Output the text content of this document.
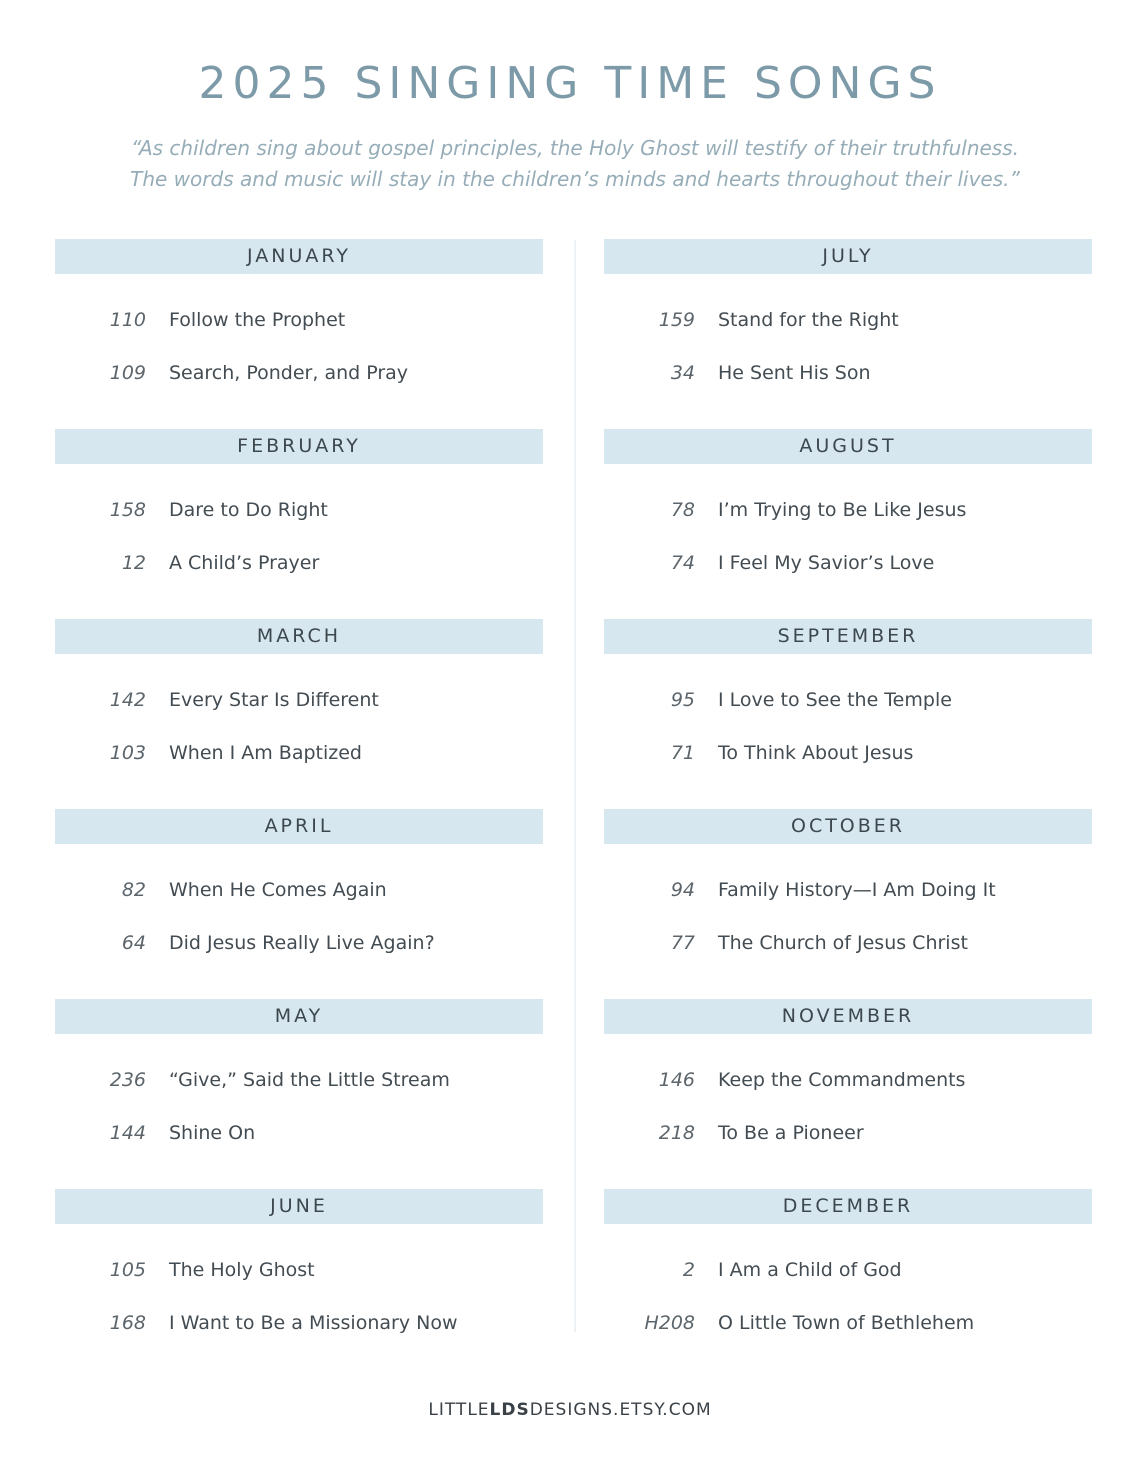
2025 SINGING TIME SONGS
“As children sing about gospel principles, the Holy Ghost will testify of their truthfulness.
The words and music will stay in the children’s minds and hearts throughout their lives.”
JANUARY
110 Follow the Prophet
109 Search, Ponder, and Pray
FEBRUARY
158 Dare to Do Right
12 A Child’s Prayer
MARCH
142 Every Star Is Different
103 When I Am Baptized
APRIL
82 When He Comes Again
64 Did Jesus Really Live Again?
MAY
236 “Give,” Said the Little Stream
144 Shine On
JUNE
105 The Holy Ghost
168 I Want to Be a Missionary Now
JULY
159 Stand for the Right
34 He Sent His Son
AUGUST
78 I’m Trying to Be Like Jesus
74 I Feel My Savior’s Love
SEPTEMBER
95 I Love to See the Temple
71 To Think About Jesus
OCTOBER
94 Family History—I Am Doing It
77 The Church of Jesus Christ
NOVEMBER
146 Keep the Commandments
218 To Be a Pioneer
DECEMBER
2 I Am a Child of God
H208 O Little Town of Bethlehem
LITTLELDSDESIGNS.ETSY.COM
